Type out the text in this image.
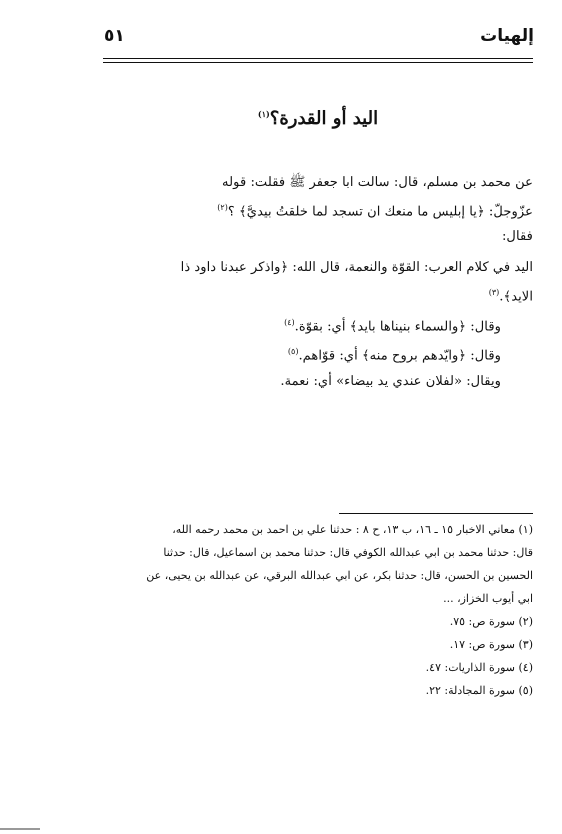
إلهيات
٥١
اليد أو القدرة؟$^{(١)}$

عن محمد بن مسلم، قال: سالت ابا جعفر ﷺ فقلت: قوله

عزّوجلّ: ﴿يا إبليس ما منعك ان تسجد لما خلقتُ بيديَّ﴾ ؟$^{(٢)}$

فقال:

اليد في كلام العرب: القوّة والنعمة، قال الله: ﴿واذكر عبدنا داود ذا

الايد﴾.$^{(٣)}$

وقال: ﴿والسماء بنيناها بايد﴾ أي: بقوّة.$^{(٤)}$

وقال: ﴿وايّدهم بروح منه﴾ أي: قوّاهم.$^{(٥)}$

ويقال: «لفلان عندي يد بيضاء» أي: نعمة.

(١) معاني الاخبار ١٥ ـ ١٦، ب ١٣، ح ٨ : حدثنا علي بن احمد بن محمد رحمه الله،

قال: حدثنا محمد بن ابي عبدالله الكوفي قال: حدثنا محمد بن اسماعيل، قال: حدثنا

الحسين بن الحسن، قال: حدثنا بكر، عن ابي عبدالله البرقي، عن عبدالله بن يحيى، عن

ابي أيوب الخزاز، ...

(٢) سورة ص: ٧٥.

(٣) سورة ص: ١٧.

(٤) سورة الذاريات: ٤٧.

(٥) سورة المجادلة: ٢٢.
